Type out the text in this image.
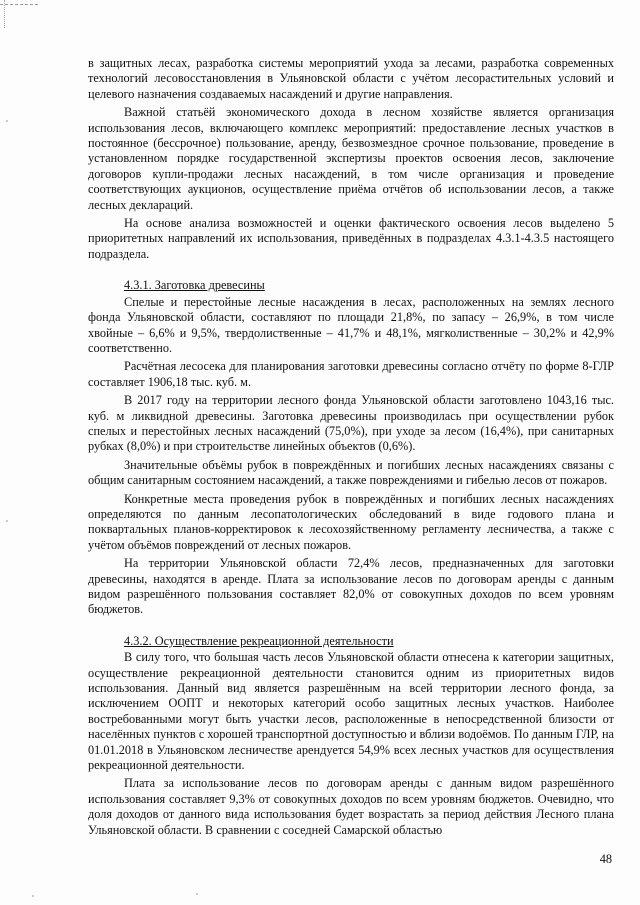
в защитных лесах, разработка системы мероприятий ухода за лесами, разработка современных технологий лесовосстановления в Ульяновской области с учётом лесорастительных условий и целевого назначения создаваемых насаждений и другие направления.

Важной статьёй экономического дохода в лесном хозяйстве является организация использования лесов, включающего комплекс мероприятий: предоставление лесных участков в постоянное (бессрочное) пользование, аренду, безвозмездное срочное пользование, проведение в установленном порядке государственной экспертизы проектов освоения лесов, заключение договоров купли-продажи лесных насаждений, в том числе организация и проведение соответствующих аукционов, осуществление приёма отчётов об использовании лесов, а также лесных деклараций.

На основе анализа возможностей и оценки фактического освоения лесов выделено 5 приоритетных направлений их использования, приведённых в подразделах 4.3.1-4.3.5 настоящего подраздела.

4.3.1. Заготовка древесины

Спелые и перестойные лесные насаждения в лесах, расположенных на землях лесного фонда Ульяновской области, составляют по площади 21,8%, по запасу – 26,9%, в том числе хвойные – 6,6% и 9,5%, твердолиственные – 41,7% и 48,1%, мягколиственные – 30,2% и 42,9% соответственно.

Расчётная лесосека для планирования заготовки древесины согласно отчёту по форме 8-ГЛР составляет 1906,18 тыс. куб. м.

В 2017 году на территории лесного фонда Ульяновской области заготовлено 1043,16 тыс. куб. м ликвидной древесины. Заготовка древесины производилась при осуществлении рубок спелых и перестойных лесных насаждений (75,0%), при уходе за лесом (16,4%), при санитарных рубках (8,0%) и при строительстве линейных объектов (0,6%).

Значительные объёмы рубок в повреждённых и погибших лесных насаждениях связаны с общим санитарным состоянием насаждений, а также повреждениями и гибелью лесов от пожаров.

Конкретные места проведения рубок в повреждённых и погибших лесных насаждениях определяются по данным лесопатологических обследований в виде годового плана и поквартальных планов-корректировок к лесохозяйственному регламенту лесничества, а также с учётом объёмов повреждений от лесных пожаров.

На территории Ульяновской области 72,4% лесов, предназначенных для заготовки древесины, находятся в аренде. Плата за использование лесов по договорам аренды с данным видом разрешённого пользования составляет 82,0% от совокупных доходов по всем уровням бюджетов.

4.3.2. Осуществление рекреационной деятельности

В силу того, что большая часть лесов Ульяновской области отнесена к категории защитных, осуществление рекреационной деятельности становится одним из приоритетных видов использования. Данный вид является разрешённым на всей территории лесного фонда, за исключением ООПТ и некоторых категорий особо защитных лесных участков. Наиболее востребованными могут быть участки лесов, расположенные в непосредственной близости от населённых пунктов с хорошей транспортной доступностью и вблизи водоёмов. По данным ГЛР, на 01.01.2018 в Ульяновском лесничестве арендуется 54,9% всех лесных участков для осуществления рекреационной деятельности.

Плата за использование лесов по договорам аренды с данным видом разрешённого использования составляет 9,3% от совокупных доходов по всем уровням бюджетов. Очевидно, что доля доходов от данного вида использования будет возрастать за период действия Лесного плана Ульяновской области. В сравнении с соседней Самарской областью

48
